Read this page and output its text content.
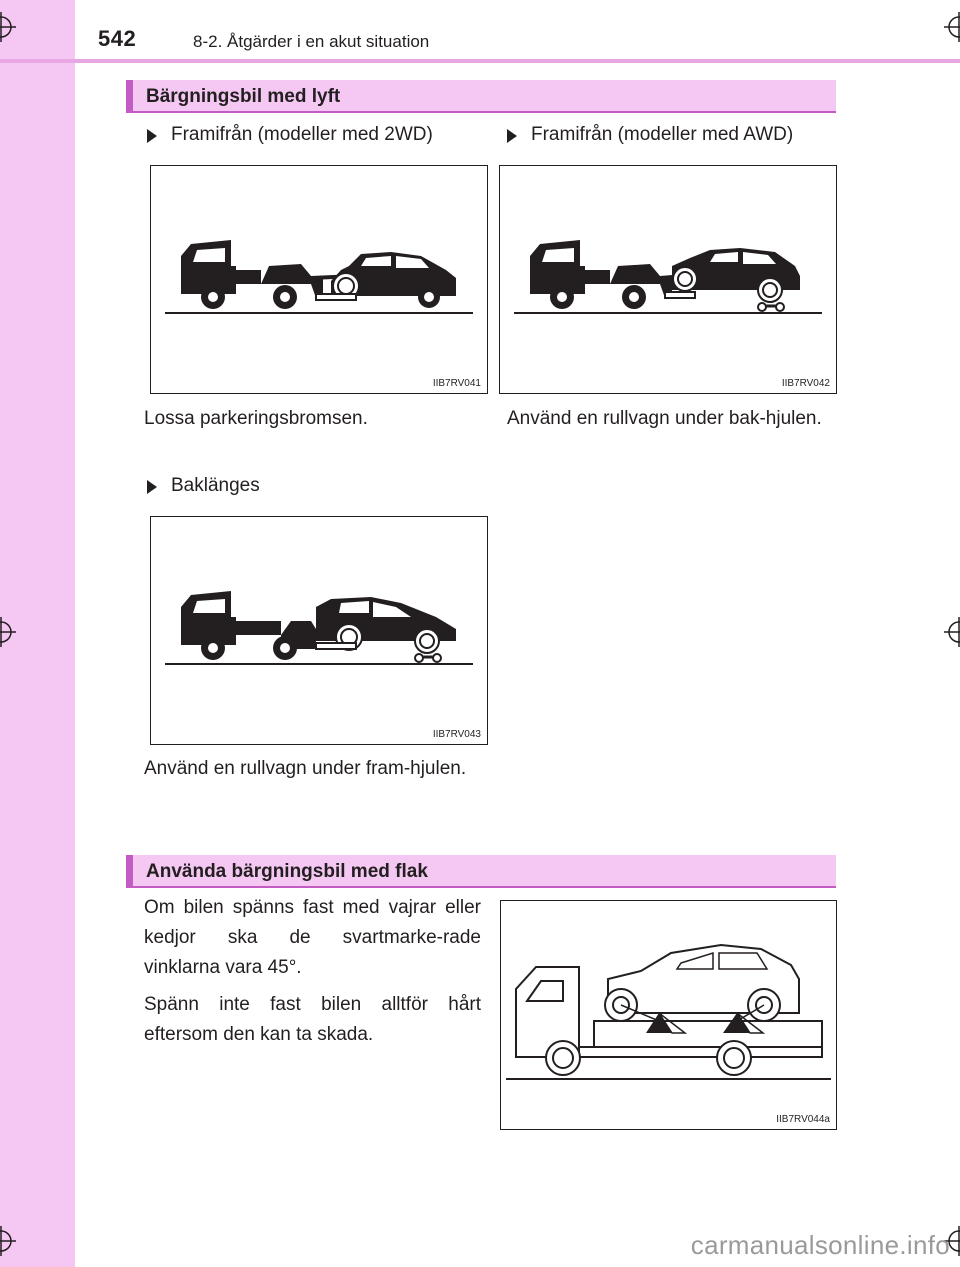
542	8-2. Åtgärder i en akut situation
Bärgningsbil med lyft
Framifrån (modeller med 2WD)	Framifrån (modeller med AWD)
IIB7RV041	IIB7RV042

Lossa parkeringsbromsen.	Använd en rullvagn under bak-hjulen.

Baklänges
IIB7RV043

Använd en rullvagn under fram-hjulen.

Använda bärgningsbil med flak

Om bilen spänns fast med vajrar eller kedjor ska de svartmarke-rade vinklarna vara 45°.

Spänn inte fast bilen alltför hårt eftersom den kan ta skada.

IIB7RV044a
carmanualsonline.info
